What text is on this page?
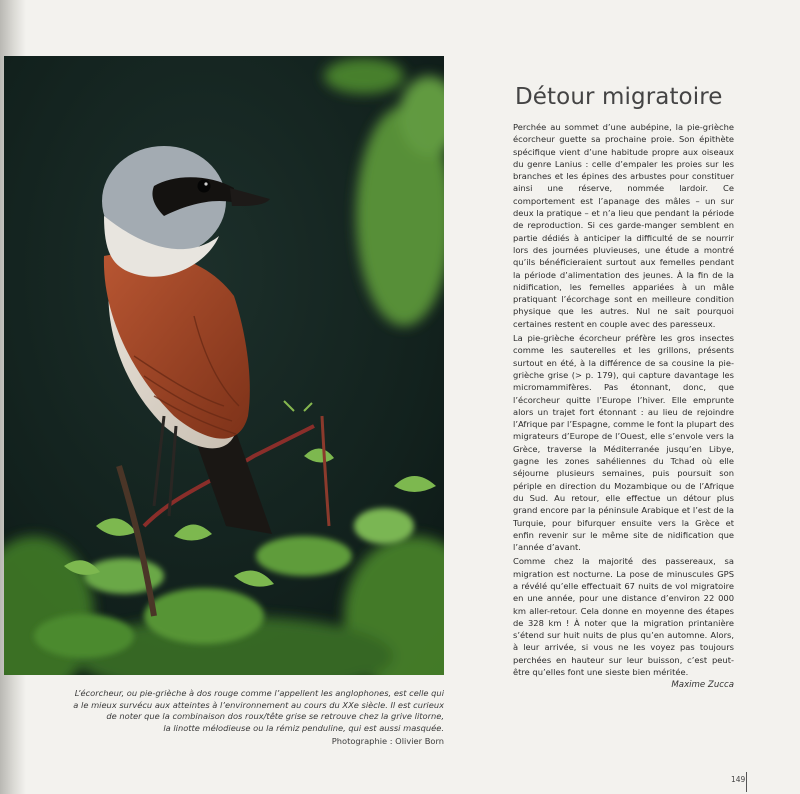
L’écorcheur, ou pie-grièche à dos rouge comme l’appellent les anglophones, est celle qui

a le mieux survécu aux atteintes à l’environnement au cours du XXe siècle. Il est curieux

de noter que la combinaison dos roux/tête grise se retrouve chez la grive litorne,

la linotte mélodieuse ou la rémiz penduline, qui est aussi masquée.

Photographie : Olivier Born
Détour migratoire

Perchée au sommet d’une aubépine, la pie-grièche écorcheur guette sa prochaine proie. Son épithète spécifique vient d’une habitude propre aux oiseaux du genre Lanius : celle d’empaler les proies sur les branches et les épines des arbustes pour constituer ainsi une réserve, nommée lardoir. Ce comportement est l’apanage des mâles – un sur deux la pratique – et n’a lieu que pendant la période de reproduction. Si ces garde-manger semblent en partie dédiés à anticiper la difficulté de se nourrir lors des journées pluvieuses, une étude a montré qu’ils bénéficieraient surtout aux femelles pendant la période d’alimentation des jeunes. À la fin de la nidification, les femelles appariées à un mâle pratiquant l’écorchage sont en meilleure condition physique que les autres. Nul ne sait pourquoi certaines restent en couple avec des paresseux.

La pie-grièche écorcheur préfère les gros insectes comme les sauterelles et les grillons, présents surtout en été, à la différence de sa cousine la pie-grièche grise (> p. 179), qui capture davantage les micromammifères. Pas étonnant, donc, que l’écorcheur quitte l’Europe l’hiver. Elle emprunte alors un trajet fort étonnant : au lieu de rejoindre l’Afrique par l’Espagne, comme le font la plupart des migrateurs d’Europe de l’Ouest, elle s’envole vers la Grèce, traverse la Méditerranée jusqu’en Libye, gagne les zones sahéliennes du Tchad où elle séjourne plusieurs semaines, puis poursuit son périple en direction du Mozambique ou de l’Afrique du Sud. Au retour, elle effectue un détour plus grand encore par la péninsule Arabique et l’est de la Turquie, pour bifurquer ensuite vers la Grèce et enfin revenir sur le même site de nidification que l’année d’avant.

Comme chez la majorité des passereaux, sa migration est nocturne. La pose de minuscules GPS a révélé qu’elle effectuait 67 nuits de vol migratoire en une année, pour une distance d’environ 22 000 km aller-retour. Cela donne en moyenne des étapes de 328 km ! À noter que la migration printanière s’étend sur huit nuits de plus qu’en automne. Alors, à leur arrivée, si vous ne les voyez pas toujours perchées en hauteur sur leur buisson, c’est peut-être qu’elles font une sieste bien méritée.

Maxime Zucca
149
